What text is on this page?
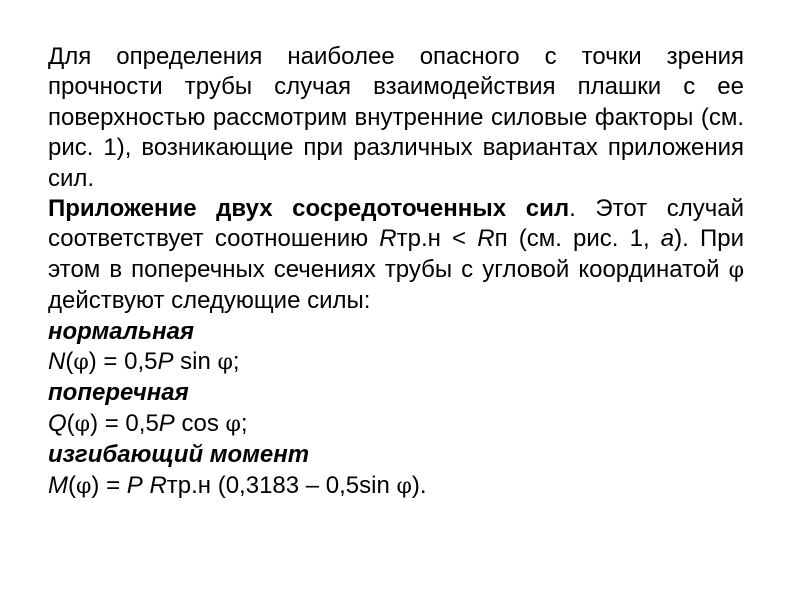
Для определения наиболее опасного с точки зрения прочности трубы случая взаимодействия плашки с ее поверхностью рассмотрим внутренние силовые факторы (см. рис. 1), возникающие при различных вариантах приложения сил.

Приложение двух сосредоточенных сил. Этот случай соответствует соотношению Rтр.н < Rп (см. рис. 1, а). При этом в поперечных сечениях трубы с угловой координатой φ действуют следующие силы:

нормальная

N(φ) = 0,5P sin φ;

поперечная

Q(φ) = 0,5P cos φ;

изгибающий момент

M(φ) = P Rтр.н (0,3183 – 0,5sin φ).
